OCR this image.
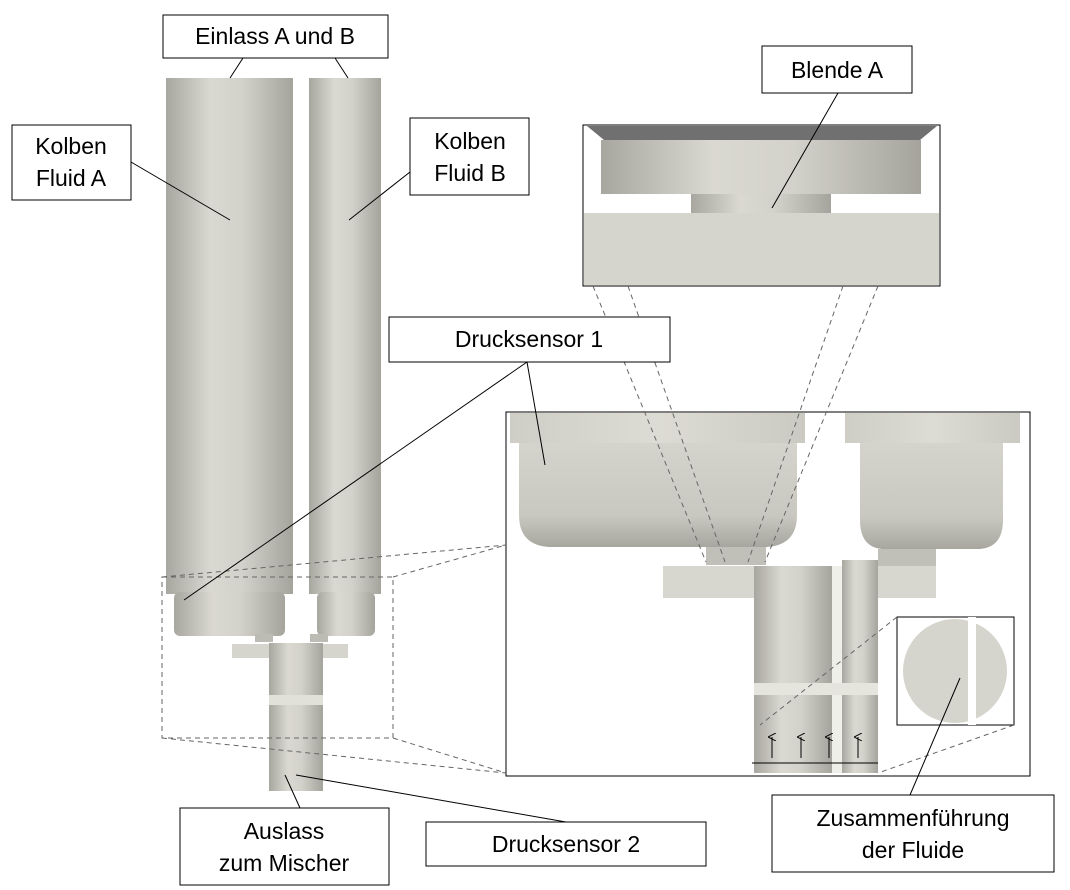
Einlass A und B
Kolben
Fluid A
Kolben
Fluid B
Blende A
Drucksensor 1
Auslass
zum Mischer
Drucksensor 2
Zusammenführung
der Fluide
